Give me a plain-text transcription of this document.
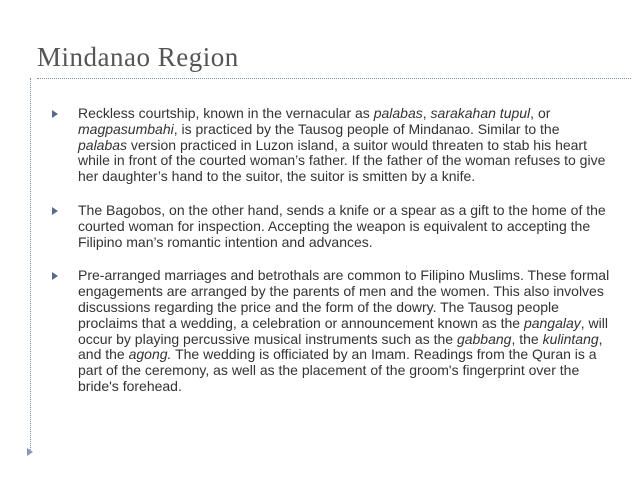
Mindanao Region
Reckless courtship, known in the vernacular as palabas, sarakahan tupul, or magpasumbahi, is practiced by the Tausog people of Mindanao. Similar to the palabas version practiced in Luzon island, a suitor would threaten to stab his heart while in front of the courted woman’s father. If the father of the woman refuses to give her daughter’s hand to the suitor, the suitor is smitten by a knife.
The Bagobos, on the other hand, sends a knife or a spear as a gift to the home of the courted woman for inspection. Accepting the weapon is equivalent to accepting the Filipino man’s romantic intention and advances.
Pre-arranged marriages and betrothals are common to Filipino Muslims. These formal engagements are arranged by the parents of men and the women. This also involves discussions regarding the price and the form of the dowry. The Tausog people proclaims that a wedding, a celebration or announcement known as the pangalay, will occur by playing percussive musical instruments such as the gabbang, the kulintang, and the agong. The wedding is officiated by an Imam. Readings from the Quran is a part of the ceremony, as well as the placement of the groom's fingerprint over the bride's forehead.
